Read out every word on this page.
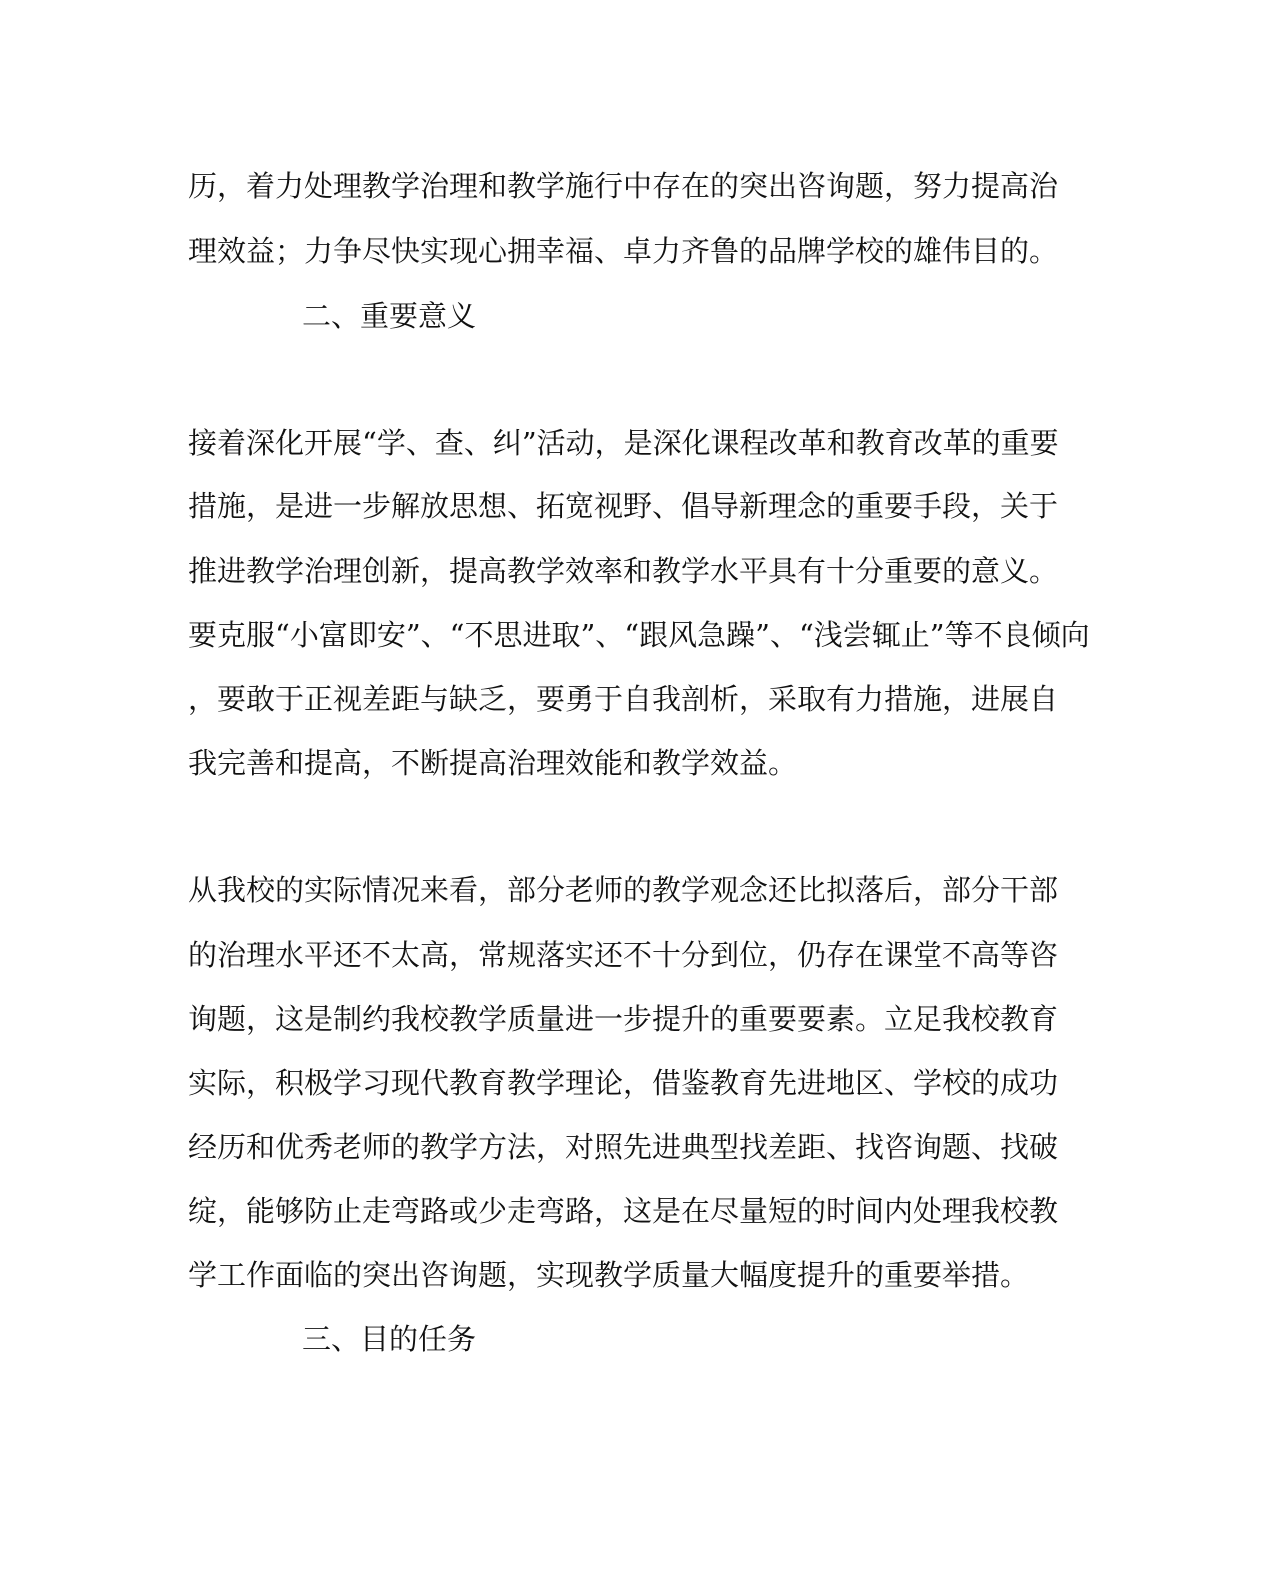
历，着力处理教学治理和教学施行中存在的突出咨询题，努力提高治
理效益；力争尽快实现心拥幸福、卓力齐鲁的品牌学校的雄伟目的。
二、重要意义
接着深化开展“学、查、纠”活动，是深化课程改革和教育改革的重要
措施，是进一步解放思想、拓宽视野、倡导新理念的重要手段，关于
推进教学治理创新，提高教学效率和教学水平具有十分重要的意义。
要克服“小富即安”、“不思进取”、“跟风急躁”、“浅尝辄止”等不良倾向
，要敢于正视差距与缺乏，要勇于自我剖析，采取有力措施，进展自
我完善和提高，不断提高治理效能和教学效益。
从我校的实际情况来看，部分老师的教学观念还比拟落后，部分干部
的治理水平还不太高，常规落实还不十分到位，仍存在课堂不高等咨
询题，这是制约我校教学质量进一步提升的重要要素。立足我校教育
实际，积极学习现代教育教学理论，借鉴教育先进地区、学校的成功
经历和优秀老师的教学方法，对照先进典型找差距、找咨询题、找破
绽，能够防止走弯路或少走弯路，这是在尽量短的时间内处理我校教
学工作面临的突出咨询题，实现教学质量大幅度提升的重要举措。
三、目的任务
